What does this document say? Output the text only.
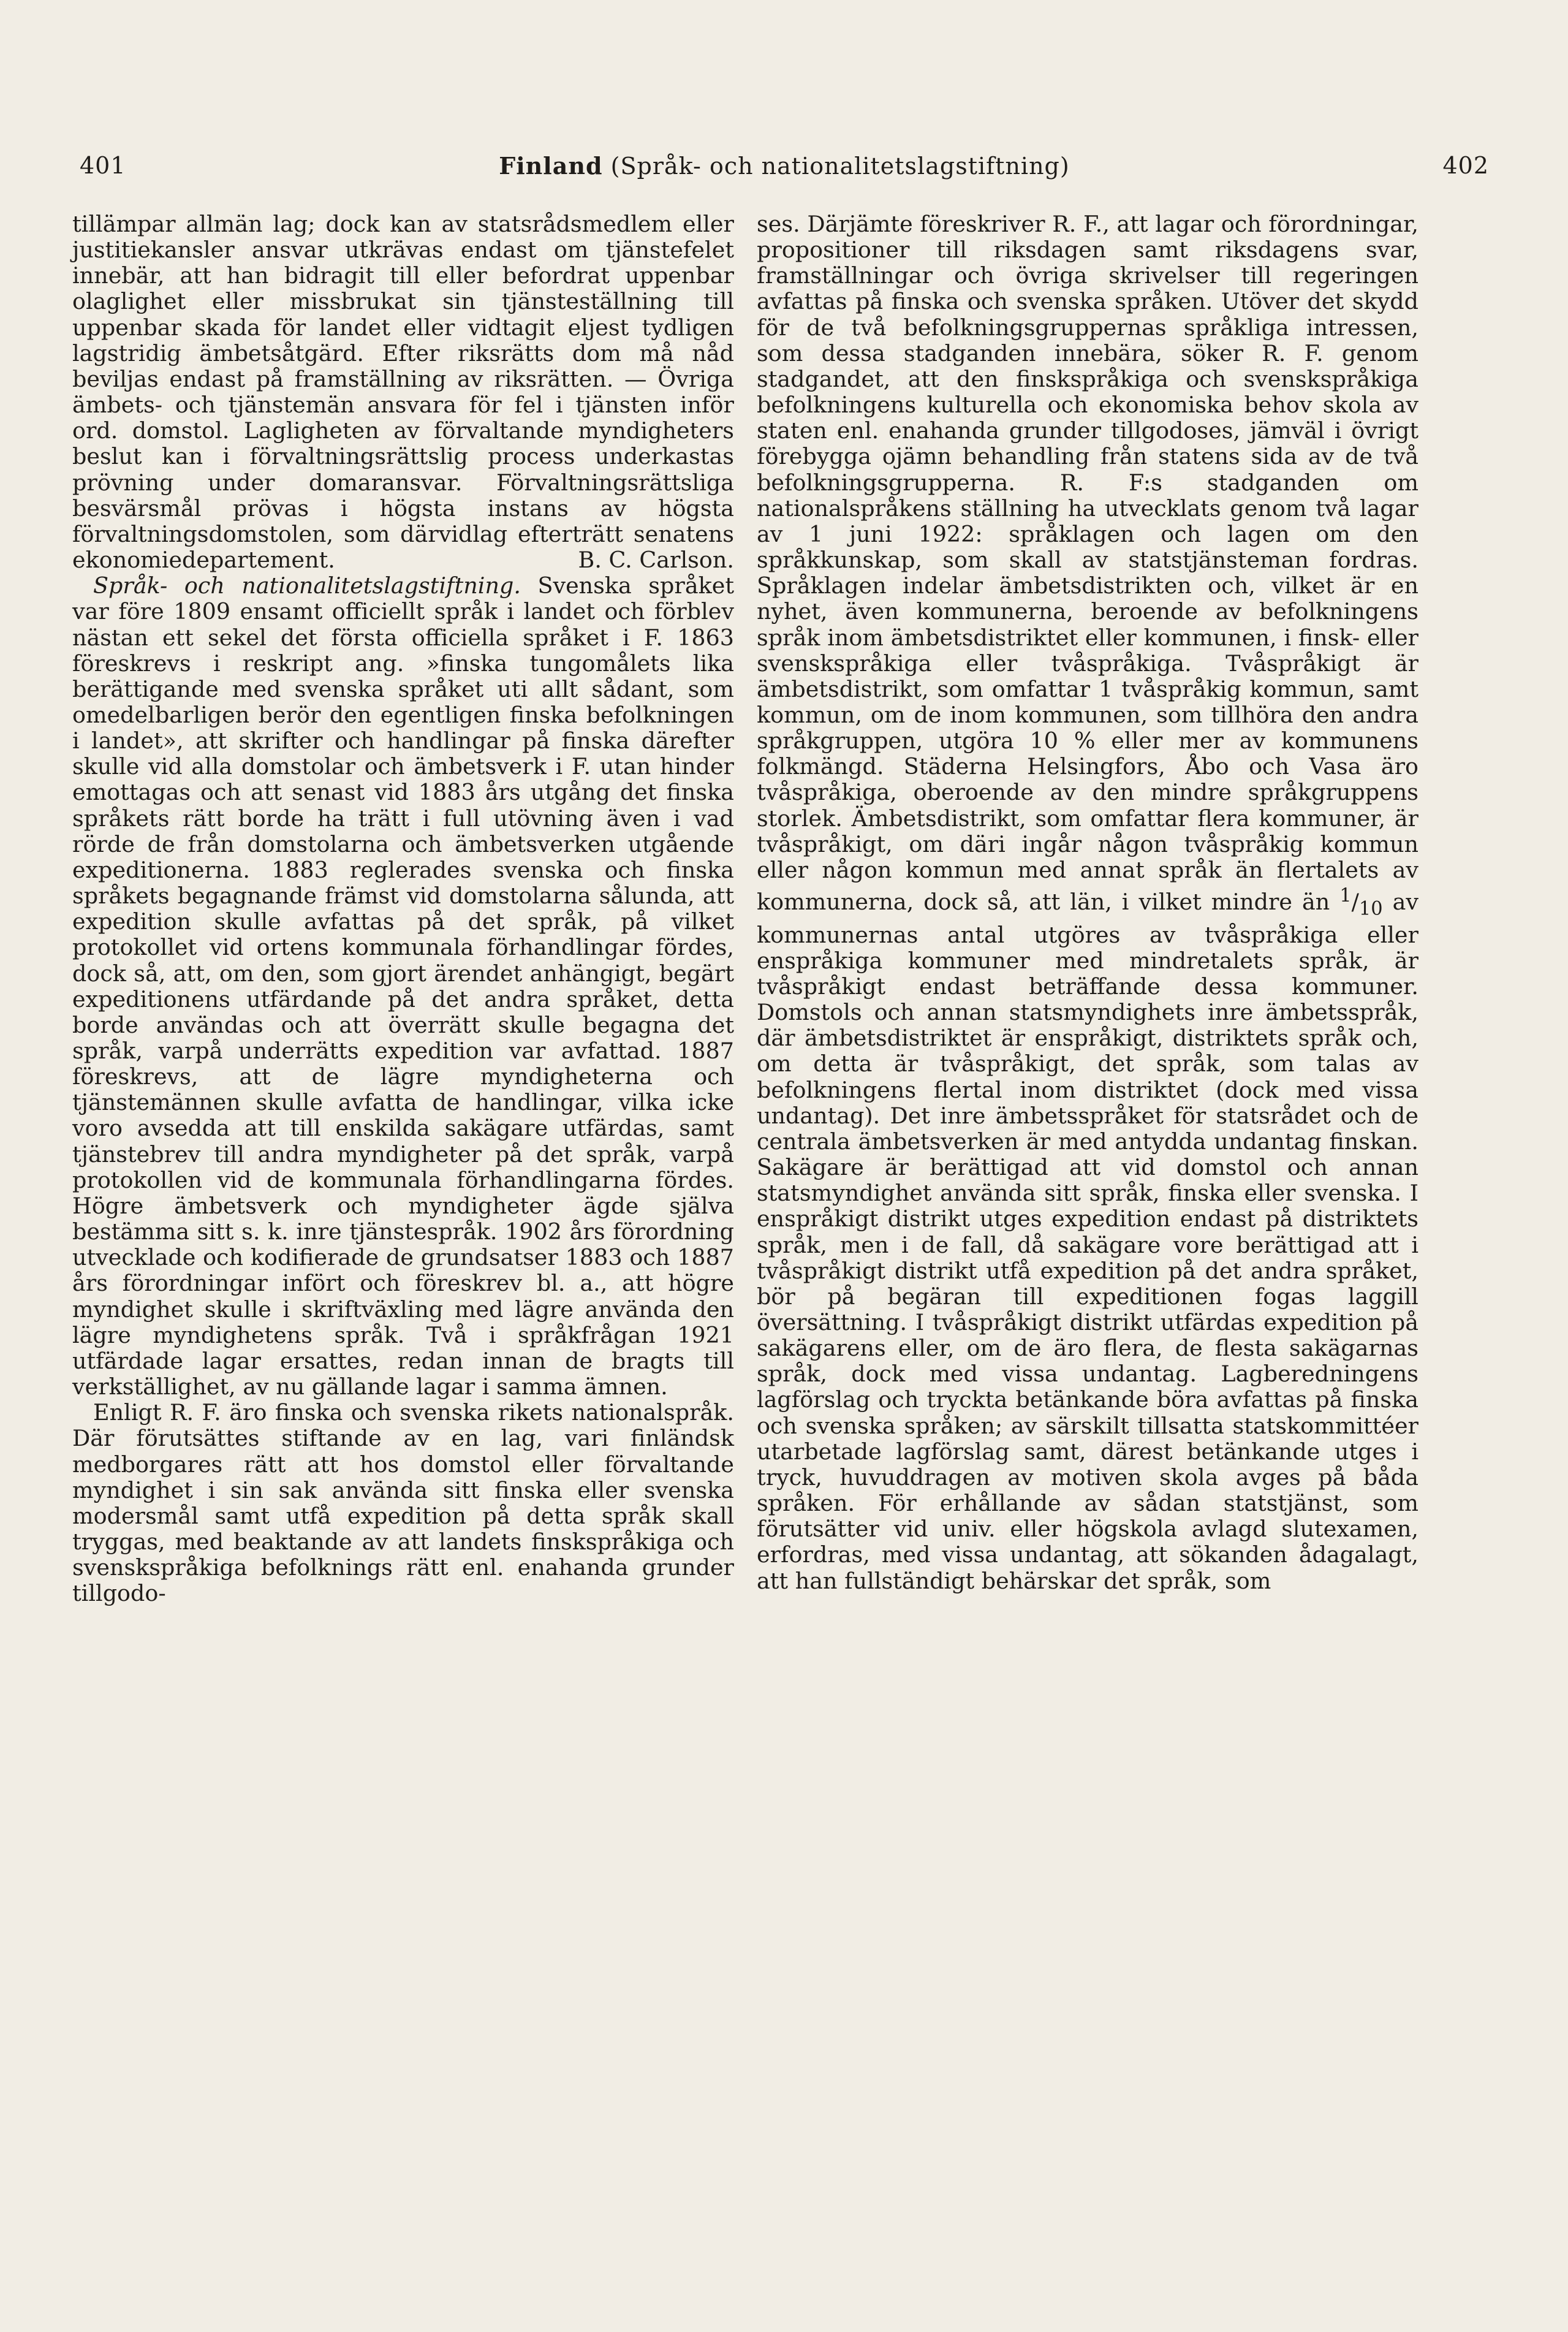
401	Finland (Språk- och nationalitetslagstiftning)	402

tillämpar allmän lag; dock kan av statsrådsmedlem eller justitiekansler ansvar utkrävas endast om tjänstefelet innebär, att han bidragit till eller befordrat uppenbar olaglighet eller missbrukat sin tjänsteställning till uppenbar skada för landet eller vidtagit eljest tydligen lagstridig ämbetsåtgärd. Efter riksrätts dom må nåd beviljas endast på framställning av riksrätten. — Övriga ämbets- och tjänstemän ansvara för fel i tjänsten inför ord. domstol. Lagligheten av förvaltande myndigheters beslut kan i förvaltningsrättslig process underkastas prövning under domaransvar. Förvaltningsrättsliga besvärsmål prövas i högsta instans av högsta förvaltningsdomstolen, som därvidlag efterträtt senatens ekonomiedepartement.	B. C. Carlson.

Språk- och nationalitetslagstiftning. Svenska språket var före 1809 ensamt officiellt språk i landet och förblev nästan ett sekel det första officiella språket i F. 1863 föreskrevs i reskript ang. »finska tungomålets lika berättigande med svenska språket uti allt sådant, som omedelbarligen berör den egentligen finska befolkningen i landet», att skrifter och handlingar på finska därefter skulle vid alla domstolar och ämbetsverk i F. utan hinder emottagas och att senast vid 1883 års utgång det finska språkets rätt borde ha trätt i full utövning även i vad rörde de från domstolarna och ämbetsverken utgående expeditionerna. 1883 reglerades svenska och finska språkets begagnande främst vid domstolarna sålunda, att expedition skulle avfattas på det språk, på vilket protokollet vid ortens kommunala förhandlingar fördes, dock så, att, om den, som gjort ärendet anhängigt, begärt expeditionens utfärdande på det andra språket, detta borde användas och att överrätt skulle begagna det språk, varpå underrätts expedition var avfattad. 1887 föreskrevs, att de lägre myndigheterna och tjänstemännen skulle avfatta de handlingar, vilka icke voro avsedda att till enskilda sakägare utfärdas, samt tjänstebrev till andra myndigheter på det språk, varpå protokollen vid de kommunala förhandlingarna fördes. Högre ämbetsverk och myndigheter ägde själva bestämma sitt s. k. inre tjänstespråk. 1902 års förordning utvecklade och kodifierade de grundsatser 1883 och 1887 års förordningar infört och föreskrev bl. a., att högre myndighet skulle i skriftväxling med lägre använda den lägre myndighetens språk. Två i språkfrågan 1921 utfärdade lagar ersattes, redan innan de bragts till verkställighet, av nu gällande lagar i samma ämnen.

Enligt R. F. äro finska och svenska rikets nationalspråk. Där förutsättes stiftande av en lag, vari finländsk medborgares rätt att hos domstol eller förvaltande myndighet i sin sak använda sitt finska eller svenska modersmål samt utfå expedition på detta språk skall tryggas, med beaktande av att landets finskspråkiga och svenskspråkiga befolknings rätt enl. enahanda grunder tillgodo-

ses. Därjämte föreskriver R. F., att lagar och förordningar, propositioner till riksdagen samt riksdagens svar, framställningar och övriga skrivelser till regeringen avfattas på finska och svenska språken. Utöver det skydd för de två befolkningsgruppernas språkliga intressen, som dessa stadganden innebära, söker R. F. genom stadgandet, att den finskspråkiga och svenskspråkiga befolkningens kulturella och ekonomiska behov skola av staten enl. enahanda grunder tillgodoses, jämväl i övrigt förebygga ojämn behandling från statens sida av de två befolkningsgrupperna. R. F:s stadganden om nationalspråkens ställning ha utvecklats genom två lagar av 1 juni 1922: språklagen och lagen om den språkkunskap, som skall av statstjänsteman fordras. Språklagen indelar ämbetsdistrikten och, vilket är en nyhet, även kommunerna, beroende av befolkningens språk inom ämbetsdistriktet eller kommunen, i finsk- eller svenskspråkiga eller tvåspråkiga. Tvåspråkigt är ämbetsdistrikt, som omfattar 1 tvåspråkig kommun, samt kommun, om de inom kommunen, som tillhöra den andra språkgruppen, utgöra 10 % eller mer av kommunens folkmängd. Städerna Helsingfors, Åbo och Vasa äro tvåspråkiga, oberoende av den mindre språkgruppens storlek. Ämbetsdistrikt, som omfattar flera kommuner, är tvåspråkigt, om däri ingår någon tvåspråkig kommun eller någon kommun med annat språk än flertalets av kommunerna, dock så, att län, i vilket mindre än $^1/_{10}$ av kommunernas antal utgöres av tvåspråkiga eller enspråkiga kommuner med mindretalets språk, är tvåspråkigt endast beträffande dessa kommuner. Domstols och annan statsmyndighets inre ämbetsspråk, där ämbetsdistriktet är enspråkigt, distriktets språk och, om detta är tvåspråkigt, det språk, som talas av befolkningens flertal inom distriktet (dock med vissa undantag). Det inre ämbetsspråket för statsrådet och de centrala ämbetsverken är med antydda undantag finskan. Sakägare är berättigad att vid domstol och annan statsmyndighet använda sitt språk, finska eller svenska. I enspråkigt distrikt utges expedition endast på distriktets språk, men i de fall, då sakägare vore berättigad att i tvåspråkigt distrikt utfå expedition på det andra språket, bör på begäran till expeditionen fogas laggill översättning. I tvåspråkigt distrikt utfärdas expedition på sakägarens eller, om de äro flera, de flesta sakägarnas språk, dock med vissa undantag. Lagberedningens lagförslag och tryckta betänkande böra avfattas på finska och svenska språken; av särskilt tillsatta statskommittéer utarbetade lagförslag samt, därest betänkande utges i tryck, huvuddragen av motiven skola avges på båda språken. För erhållande av sådan statstjänst, som förutsätter vid univ. eller högskola avlagd slutexamen, erfordras, med vissa undantag, att sökanden ådagalagt, att han fullständigt behärskar det språk, som
